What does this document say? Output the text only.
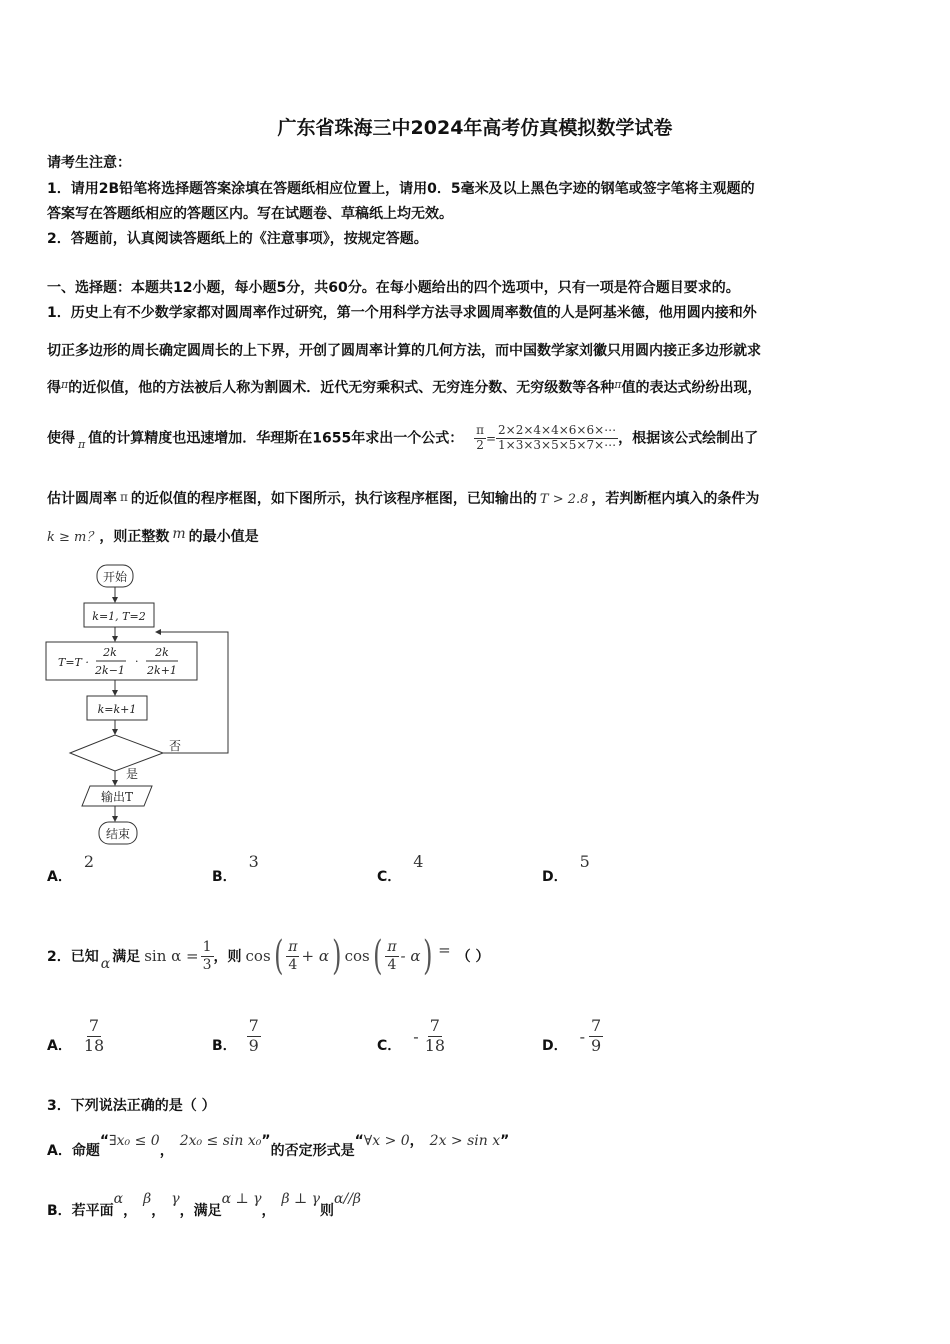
广东省珠海三中2024年高考仿真模拟数学试卷
请考生注意：
1．请用2B铅笔将选择题答案涂填在答题纸相应位置上，请用0．5毫米及以上黑色字迹的钢笔或签字笔将主观题的
答案写在答题纸相应的答题区内。写在试题卷、草稿纸上均无效。
2．答题前，认真阅读答题纸上的《注意事项》，按规定答题。
一、选择题：本题共12小题，每小题5分，共60分。在每小题给出的四个选项中，只有一项是符合题目要求的。
1．历史上有不少数学家都对圆周率作过研究，第一个用科学方法寻求圆周率数值的人是阿基米德，他用圆内接和外
切正多边形的周长确定圆周长的上下界，开创了圆周率计算的几何方法，而中国数学家刘徽只用圆内接正多边形就求
得$^\pi$的近似值，他的方法被后人称为割圆术．近代无穷乘积式、无穷连分数、无穷级数等各种$^\pi$值的表达式纷纷出现，
使得 $_\pi$ 值的计算精度也迅速增加．华理斯在1655年求出一个公式： $\frac{\pi}{2} = \frac{2\times 2\times 4\times 4\times 6\times 6\times\cdots}{1\times 3\times 3\times 5\times 5\times 7\times\cdots}$ ，根据该公式绘制出了
估计圆周率 π 的近似值的程序框图，如下图所示，执行该程序框图，已知输出的 T > 2.8 ，若判断框内填入的条件为
k ≥ m？，则正整数 m 的最小值是
开始
k=1, T=2
T=T ·
2k
2k−1
·
2k
2k+1
k=k+1
否
是
输出T
结束
A．2
B．3
C．4
D．5
2．已知 α 满足 $\sin \alpha = \frac{1}{3}$ ，则 cos ( $\frac{\pi}{4} + \alpha$ ) cos ( $\frac{\pi}{4}$ - α ) = （ ）
A． $\frac{7}{18}$	B． $\frac{7}{9}$	C．
- $\frac{7}{18}$	D．
- $\frac{7}{9}$
3．下列说法正确的是（ ）
A．命题“∃x₀ ≤ 0，2x₀ ≤ sin x₀”的否定形式是“∀x > 0， 2x > sin x”
B．若平面α，β，γ，满足α ⊥ γ，β ⊥ γ则α//β
